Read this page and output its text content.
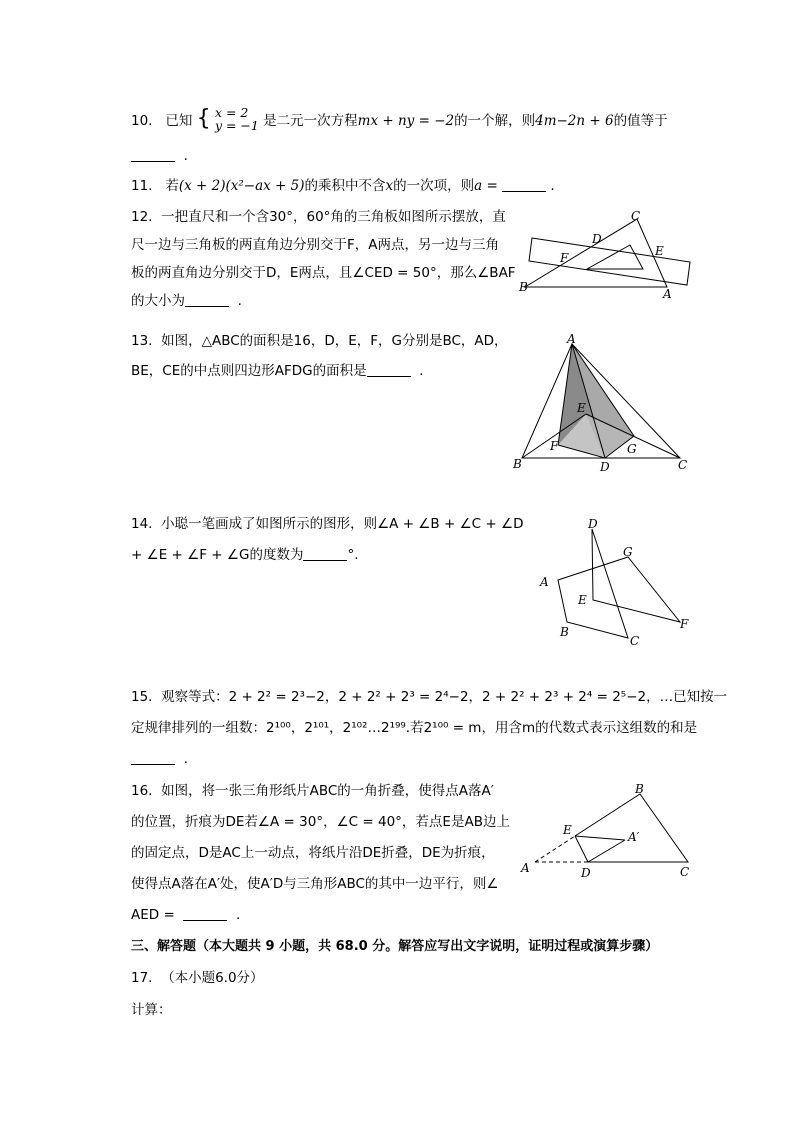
10. 已知 { x = 2
y = −1 是二元一次方程mx + ny = −2的一个解，则4m−2n + 6的值等于
.
11. 若(x + 2)(x²−ax + 5)的乘积中不含x的一次项，则a =	.
12. 一把直尺和一个含30°，60°角的三角板如图所示摆放，直
尺一边与三角板的两直角边分别交于F，A两点，另一边与三角
板的两直角边分别交于D，E两点，且∠CED = 50°，那么∠BAF
的大小为	.
C
D
E
F
B	A
13. 如图，△ABC的面积是16，D，E，F，G分别是BC，AD，
BE，CE的中点则四边形AFDG的面积是	.
A
E
F	G
B	D	C
14. 小聪一笔画成了如图所示的图形，则∠A + ∠B + ∠C + ∠D
+ ∠E + ∠F + ∠G的度数为	°.
D
G
A
E
F
B
C
15. 观察等式：2 + 2² = 2³−2，2 + 2² + 2³ = 2⁴−2，2 + 2² + 2³ + 2⁴ = 2⁵−2，…已知按一
定规律排列的一组数：2¹⁰⁰，2¹⁰¹，2¹⁰²…2¹⁹⁹.若2¹⁰⁰ = m，用含m的代数式表示这组数的和是
.
16. 如图，将一张三角形纸片ABC的一角折叠，使得点A落A′
的位置，折痕为DE若∠A = 30°，∠C = 40°，若点E是AB边上
的固定点，D是AC上一动点，将纸片沿DE折叠，DE为折痕，
使得点A落在A′处，使A′D与三角形ABC的其中一边平行，则∠
AED =	.
B
E	A′
A	D	C
三、解答题（本大题共 9 小题，共 68.0 分。解答应写出文字说明，证明过程或演算步骤）
17. （本小题6.0分）
计算：
